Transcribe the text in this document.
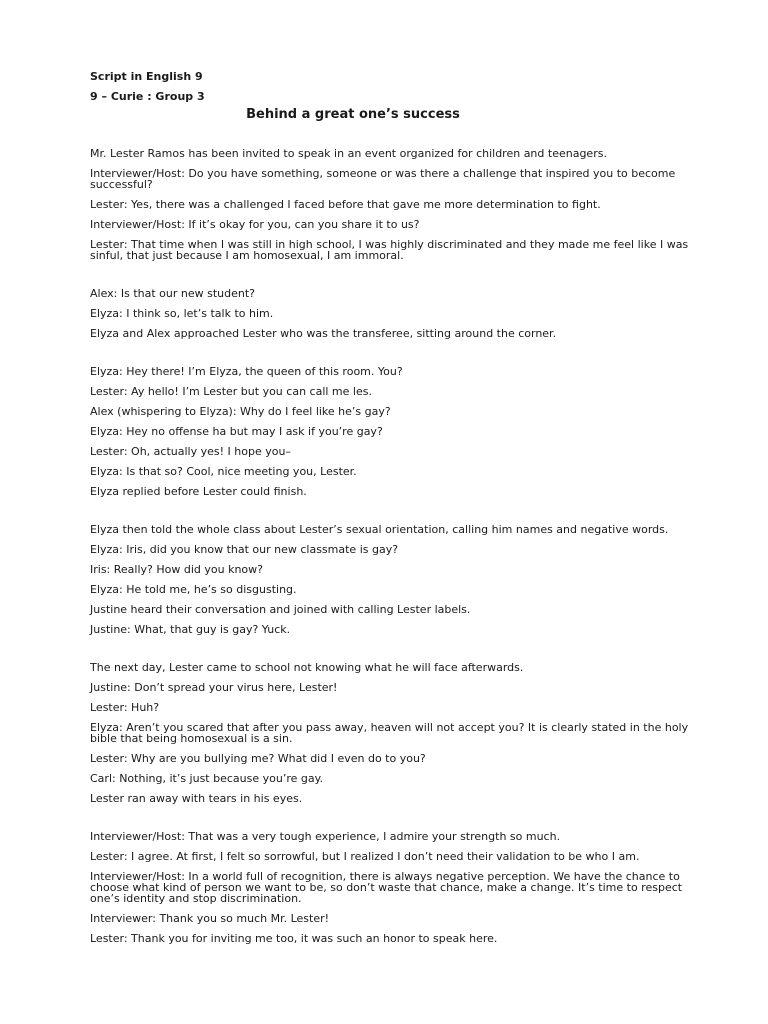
Script in English 9
9 – Curie : Group 3
Behind a great one’s success

Mr. Lester Ramos has been invited to speak in an event organized for children and teenagers.

Interviewer/Host: Do you have something, someone or was there a challenge that inspired you to become successful?

Lester: Yes, there was a challenged I faced before that gave me more determination to fight.

Interviewer/Host: If it’s okay for you, can you share it to us?

Lester: That time when I was still in high school, I was highly discriminated and they made me feel like I was sinful, that just because I am homosexual, I am immoral.

Alex: Is that our new student?

Elyza: I think so, let’s talk to him.

Elyza and Alex approached Lester who was the transferee, sitting around the corner.

Elyza: Hey there! I’m Elyza, the queen of this room. You?

Lester: Ay hello! I’m Lester but you can call me les.

Alex (whispering to Elyza): Why do I feel like he’s gay?

Elyza: Hey no offense ha but may I ask if you’re gay?

Lester: Oh, actually yes! I hope you–

Elyza: Is that so? Cool, nice meeting you, Lester.

Elyza replied before Lester could finish.

Elyza then told the whole class about Lester’s sexual orientation, calling him names and negative words.

Elyza: Iris, did you know that our new classmate is gay?

Iris: Really? How did you know?

Elyza: He told me, he’s so disgusting.

Justine heard their conversation and joined with calling Lester labels.

Justine: What, that guy is gay? Yuck.

The next day, Lester came to school not knowing what he will face afterwards.

Justine: Don’t spread your virus here, Lester!

Lester: Huh?

Elyza: Aren’t you scared that after you pass away, heaven will not accept you? It is clearly stated in the holy bible that being homosexual is a sin.

Lester: Why are you bullying me? What did I even do to you?

Carl: Nothing, it’s just because you’re gay.

Lester ran away with tears in his eyes.

Interviewer/Host: That was a very tough experience, I admire your strength so much.

Lester: I agree. At first, I felt so sorrowful, but I realized I don’t need their validation to be who I am.

Interviewer/Host: In a world full of recognition, there is always negative perception. We have the chance to choose what kind of person we want to be, so don’t waste that chance, make a change. It’s time to respect one’s identity and stop discrimination.

Interviewer: Thank you so much Mr. Lester!

Lester: Thank you for inviting me too, it was such an honor to speak here.
